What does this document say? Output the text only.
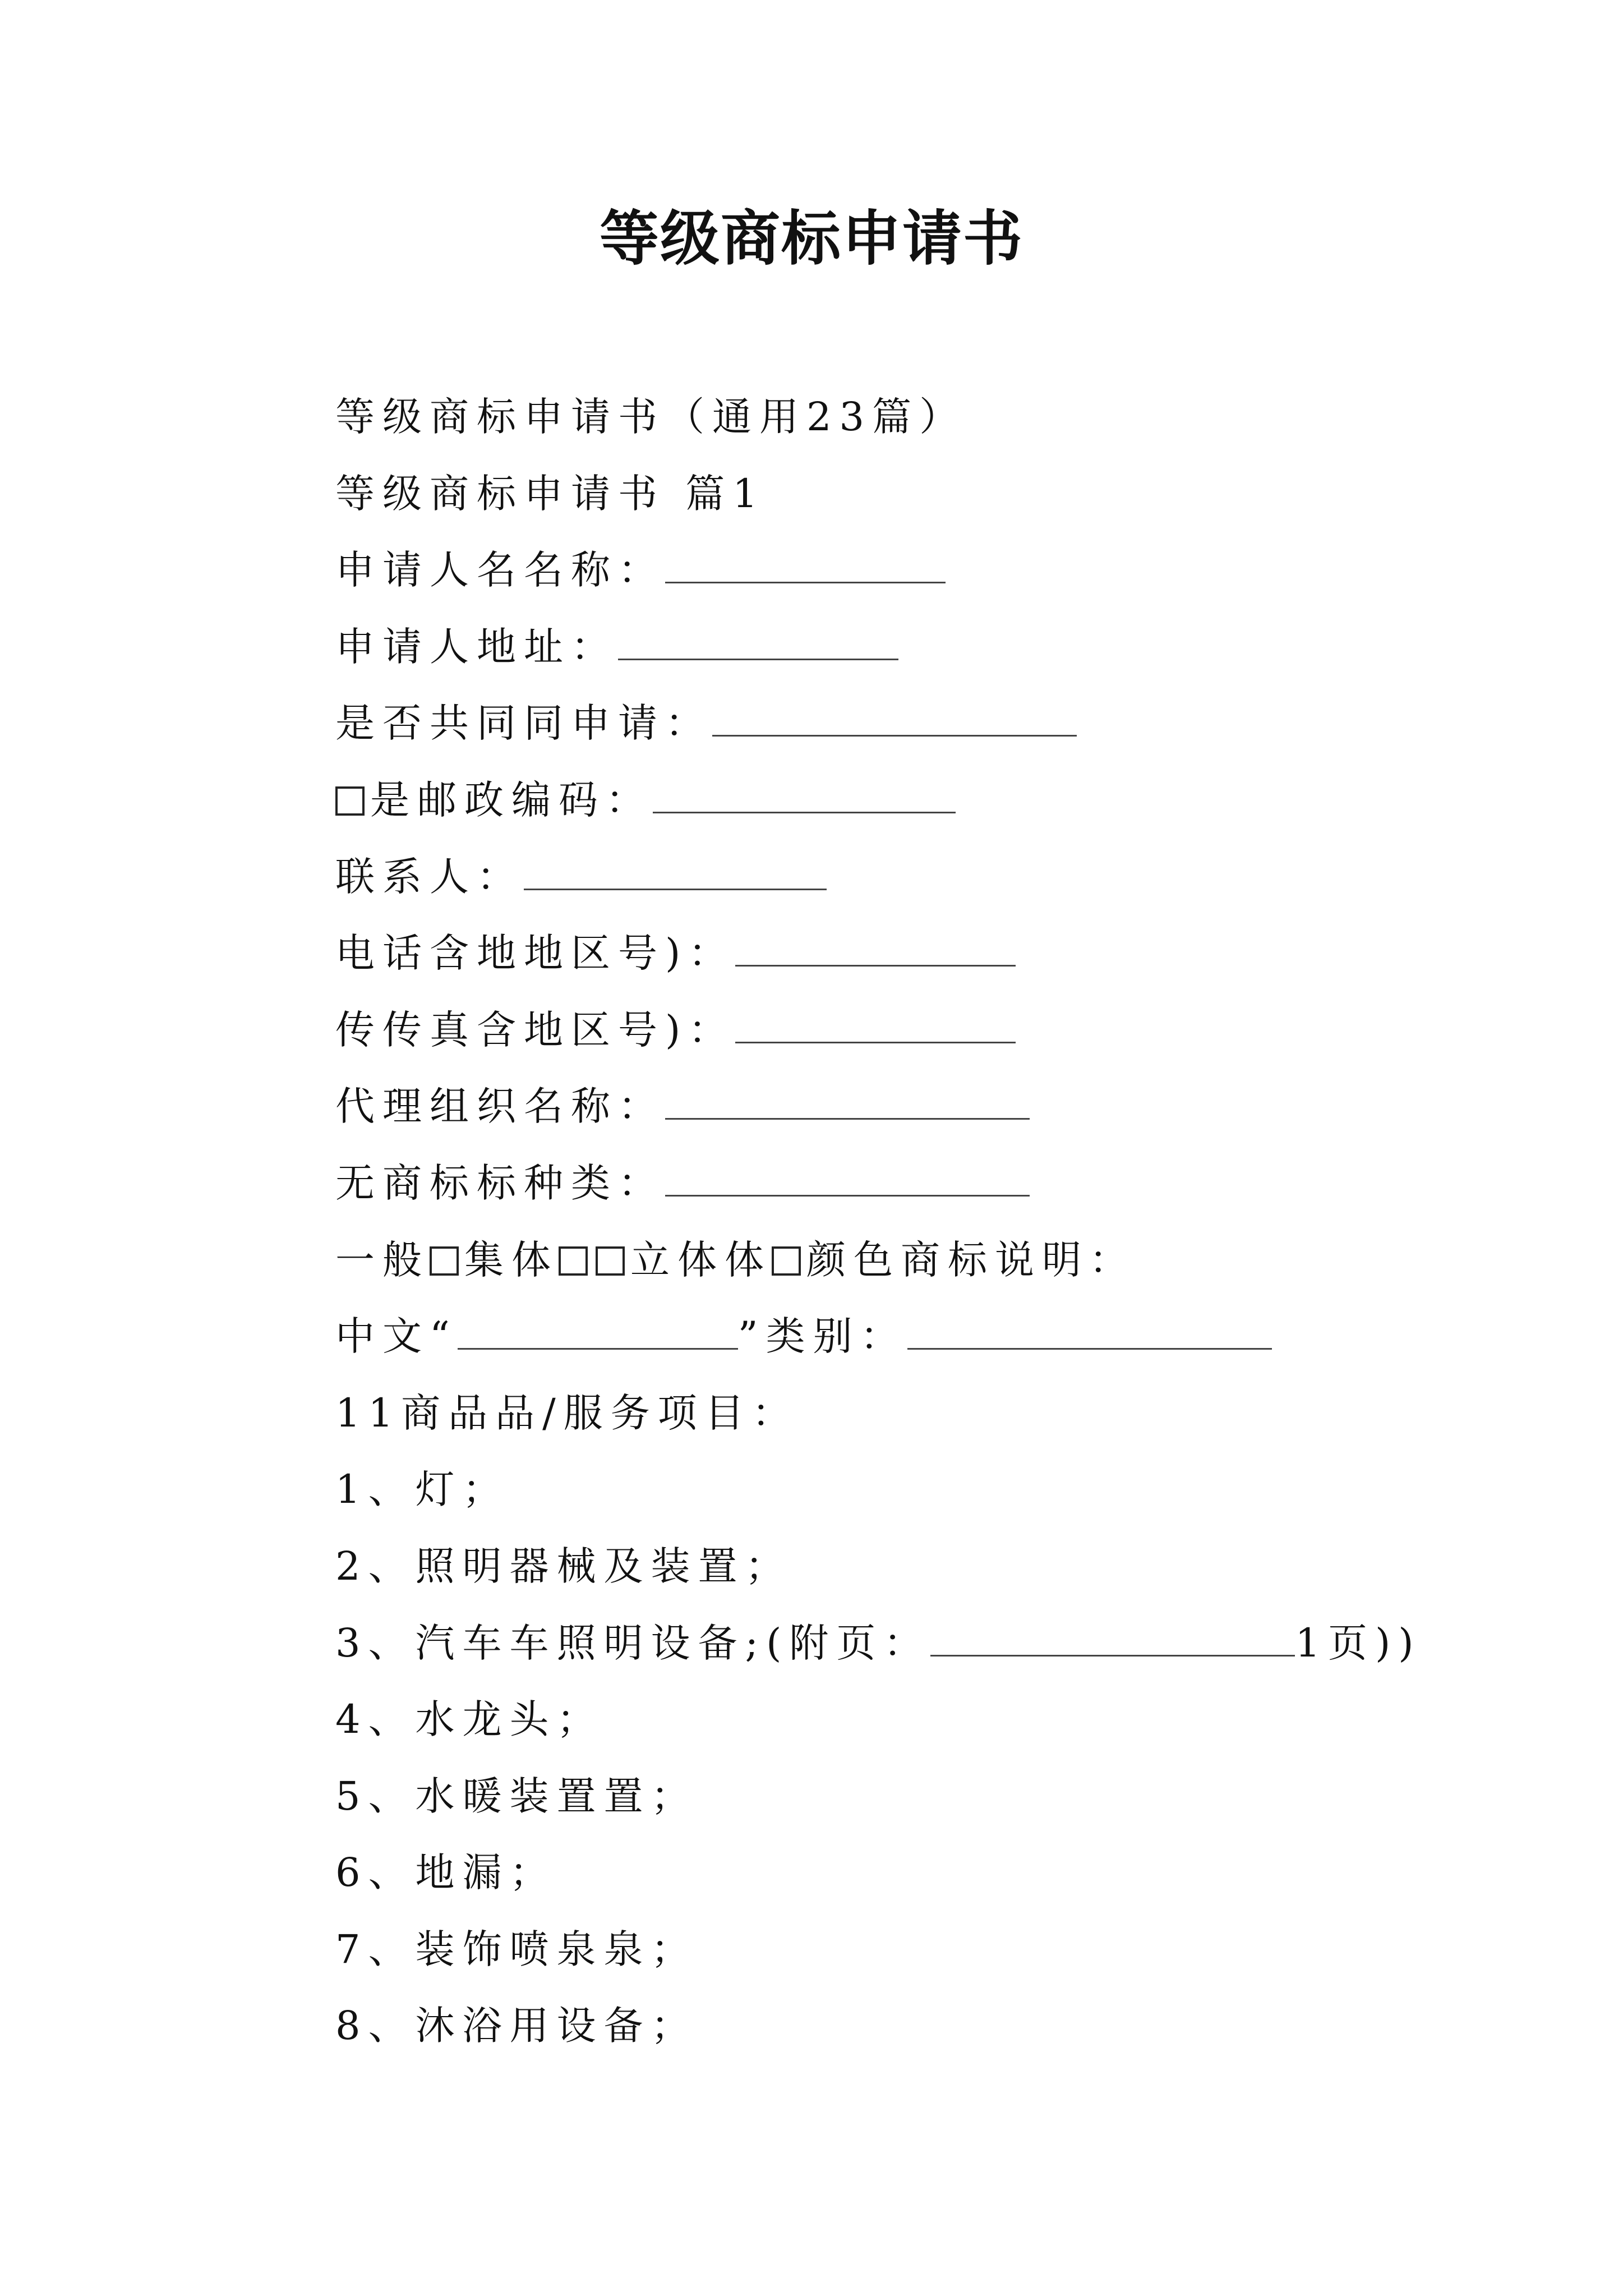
等级商标申请书
等级商标申请书（通用23篇）
等级商标申请书 篇1
申请人名名称：
申请人地址：
是否共同同申请：
是邮政编码：
联系人：
电话含地地区号)：
传传真含地区号)：
代理组织名称：
无商标标种类：
一般 集体 立体体 颜色商标说明：
中文“	”类别：
11商品品/服务项目：
1、灯；
2、照明器械及装置；
3、汽车车照明设备;(附页：	1页))
4、水龙头；
5、水暖装置置；
6、地漏；
7、装饰喷泉泉；
8、沐浴用设备；
